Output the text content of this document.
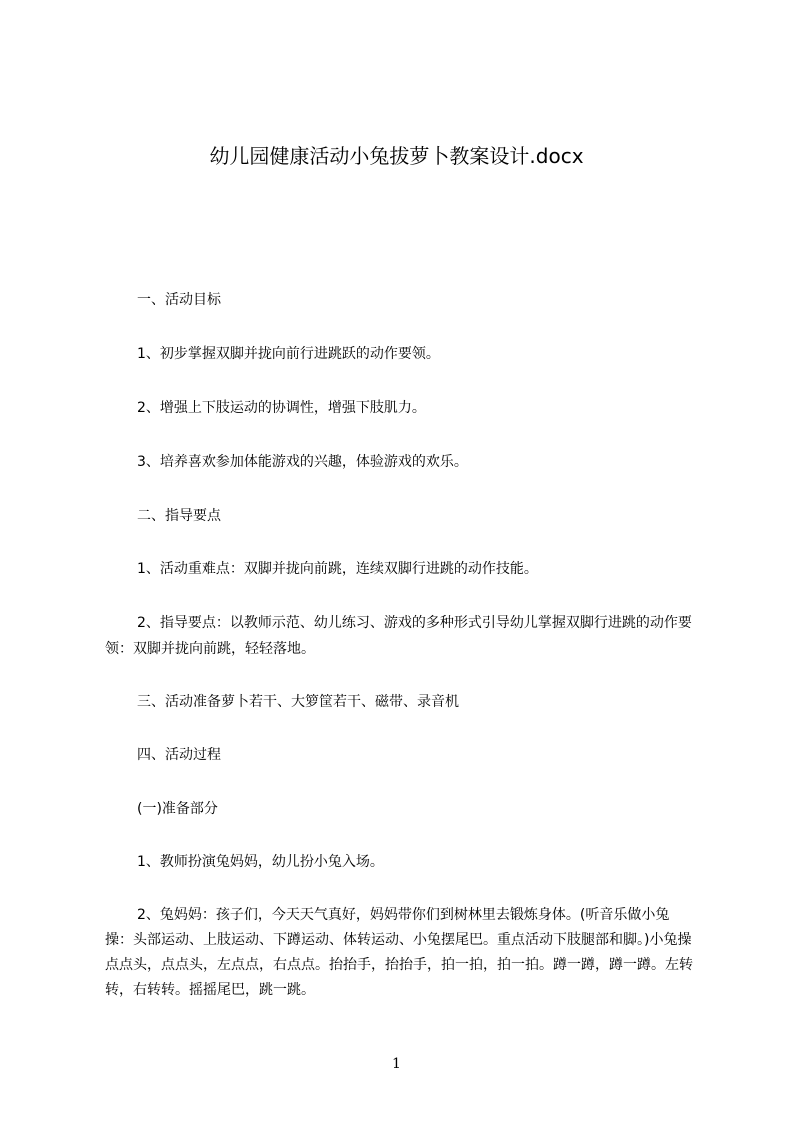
幼儿园健康活动小兔拔萝卜教案设计.docx
一、活动目标
1、初步掌握双脚并拢向前行进跳跃的动作要领。
2、增强上下肢运动的协调性，增强下肢肌力。
3、培养喜欢参加体能游戏的兴趣，体验游戏的欢乐。
二、指导要点
1、活动重难点：双脚并拢向前跳，连续双脚行进跳的动作技能。
2、指导要点：以教师示范、幼儿练习、游戏的多种形式引导幼儿掌握双脚行进跳的动作要领：双脚并拢向前跳，轻轻落地。
三、活动准备萝卜若干、大箩筐若干、磁带、录音机
四、活动过程
(一)准备部分
1、教师扮演兔妈妈，幼儿扮小兔入场。
2、兔妈妈：孩子们，今天天气真好，妈妈带你们到树林里去锻炼身体。(听音乐做小兔操：头部运动、上肢运动、下蹲运动、体转运动、小兔摆尾巴。重点活动下肢腿部和脚。)小兔操点点头，点点头，左点点，右点点。抬抬手，抬抬手，拍一拍，拍一拍。蹲一蹲，蹲一蹲。左转转，右转转。摇摇尾巴，跳一跳。
1
